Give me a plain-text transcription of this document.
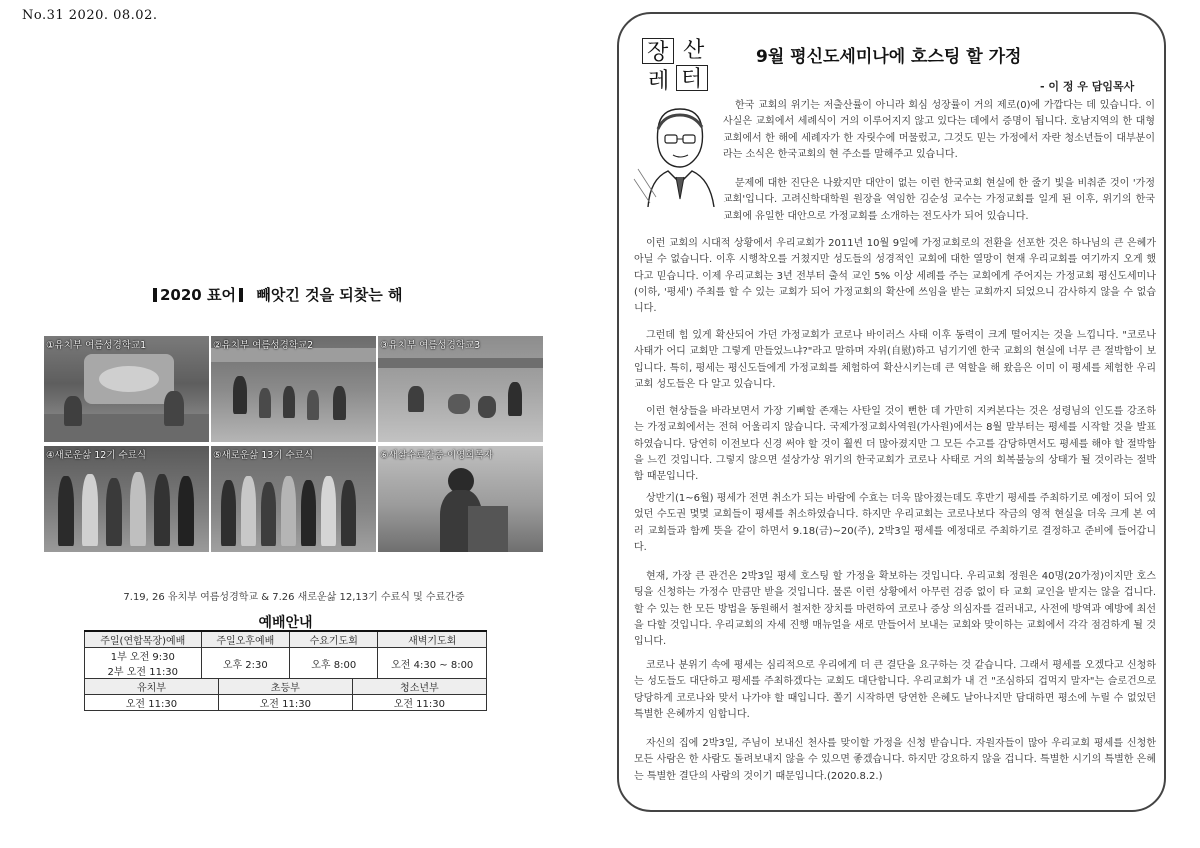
No.31 2020. 08.02.
2020 표어 빼앗긴 것을 되찾는 해
①유치부 여름성경학교1	②유치부 여름성경학교2	③유치부 여름성경학교3
④새로운삶 12기 수료식	⑤새로운삶 13기 수료식	⑥새삶수료간증-이영희목자
7.19, 26 유치부 여름성경학교 & 7.26 새로운삶 12,13기 수료식 및 수료간증
예배안내
주일(연합목장)예배	주일오후예배	수요기도회	새벽기도회

1부 오전 9:30
2부 오전 11:30	오후 2:30	오후 8:00	오전 4:30 ~ 8:00
유치부	초등부	청소년부
오전 11:30	오전 11:30	오전 11:30
장 산
레 터
9월 평신도세미나에 호스팅 할 가정
- 이 정 우 담임목사
한국 교회의 위기는 저출산률이 아니라 회심 성장률이 거의 제로(0)에 가깝다는 데 있습니다. 이 사실은 교회에서 세례식이 거의 이루어지지 않고 있다는 데에서 증명이 됩니다. 호남지역의 한 대형교회에서 한 해에 세례자가 한 자릿수에 머물렀고, 그것도 믿는 가정에서 자란 청소년들이 대부분이라는 소식은 한국교회의 현 주소를 말해주고 있습니다.
문제에 대한 진단은 나왔지만 대안이 없는 이런 한국교회 현실에 한 줄기 빛을 비춰준 것이 '가정교회'입니다. 고려신학대학원 원장을 역임한 김순성 교수는 가정교회를 일게 된 이후, 위기의 한국 교회에 유일한 대안으로 가정교회를 소개하는 전도사가 되어 있습니다.
이런 교회의 시대적 상황에서 우리교회가 2011년 10월 9일에 가정교회로의 전환을 선포한 것은 하나님의 큰 은혜가 아닐 수 없습니다. 이후 시행착오를 거쳤지만 성도들의 성경적인 교회에 대한 열망이 현재 우리교회를 여기까지 오게 했다고 믿습니다. 이제 우리교회는 3년 전부터 출석 교인 5% 이상 세례를 주는 교회에게 주어지는 가정교회 평신도세미나(이하, '평세') 주최를 할 수 있는 교회가 되어 가정교회의 확산에 쓰임을 받는 교회까지 되었으니 감사하지 않을 수 없습니다.
그런데 힘 있게 확산되어 가던 가정교회가 코로나 바이러스 사태 이후 동력이 크게 떨어지는 것을 느낍니다. "코로나 사태가 어디 교회만 그렇게 만들었느냐?"라고 말하며 자위(自慰)하고 넘기기엔 한국 교회의 현실에 너무 큰 절박함이 보입니다. 특히, 평세는 평신도들에게 가정교회를 체험하여 확산시키는데 큰 역할을 해 왔음은 이미 이 평세를 체험한 우리교회 성도들은 다 알고 있습니다.
이런 현상들을 바라보면서 가장 기뻐할 존재는 사탄일 것이 뻔한 데 가만히 지켜본다는 것은 성령님의 인도를 강조하는 가정교회에서는 전혀 어울리지 않습니다. 국제가정교회사역원(가사원)에서는 8월 말부터는 평세를 시작할 것을 발표하였습니다. 당연히 이전보다 신경 써야 할 것이 훨씬 더 많아졌지만 그 모든 수고를 감당하면서도 평세를 해야 할 절박함을 느낀 것입니다. 그렇지 않으면 설상가상 위기의 한국교회가 코로나 사태로 거의 회복불능의 상태가 될 것이라는 절박함 때문입니다.
상반기(1~6월) 평세가 전면 취소가 되는 바람에 수효는 더욱 많아졌는데도 후반기 평세를 주최하기로 예정이 되어 있었던 수도권 몇몇 교회들이 평세를 취소하였습니다. 하지만 우리교회는 코로나보다 작금의 영적 현실을 더욱 크게 본 여러 교회들과 함께 뜻을 같이 하면서 9.18(금)~20(주), 2박3일 평세를 예정대로 주최하기로 결정하고 준비에 들어갑니다.
현재, 가장 큰 관건은 2박3일 평세 호스팅 할 가정을 확보하는 것입니다. 우리교회 정원은 40명(20가정)이지만 호스팅을 신청하는 가정수 만큼만 받을 것입니다. 물론 이런 상황에서 아무런 검증 없이 타 교회 교인을 받지는 않을 겁니다. 할 수 있는 한 모든 방법을 동원해서 철저한 장치를 마련하여 코로나 증상 의심자를 걸러내고, 사전에 방역과 예방에 최선을 다할 것입니다. 우리교회의 자세 진행 매뉴얼을 새로 만들어서 보내는 교회와 맞이하는 교회에서 각각 점검하게 될 것입니다.
코로나 분위기 속에 평세는 심리적으로 우리에게 더 큰 결단을 요구하는 것 같습니다. 그래서 평세를 오겠다고 신청하는 성도들도 대단하고 평세를 주최하겠다는 교회도 대단합니다. 우리교회가 내 건 "조심하되 겁먹지 말자"는 슬로건으로 당당하게 코로나와 맞서 나가야 할 때입니다. 쫄기 시작하면 당연한 은혜도 날아나지만 담대하면 평소에 누릴 수 없었던 특별한 은혜까지 임합니다.
자신의 집에 2박3일, 주님이 보내신 천사를 맞이할 가정을 신청 받습니다. 자원자들이 많아 우리교회 평세를 신청한 모든 사람은 한 사람도 돌려보내지 않을 수 있으면 좋겠습니다. 하지만 강요하지 않을 겁니다. 특별한 시기의 특별한 은혜는 특별한 결단의 사람의 것이기 때문입니다.(2020.8.2.)
